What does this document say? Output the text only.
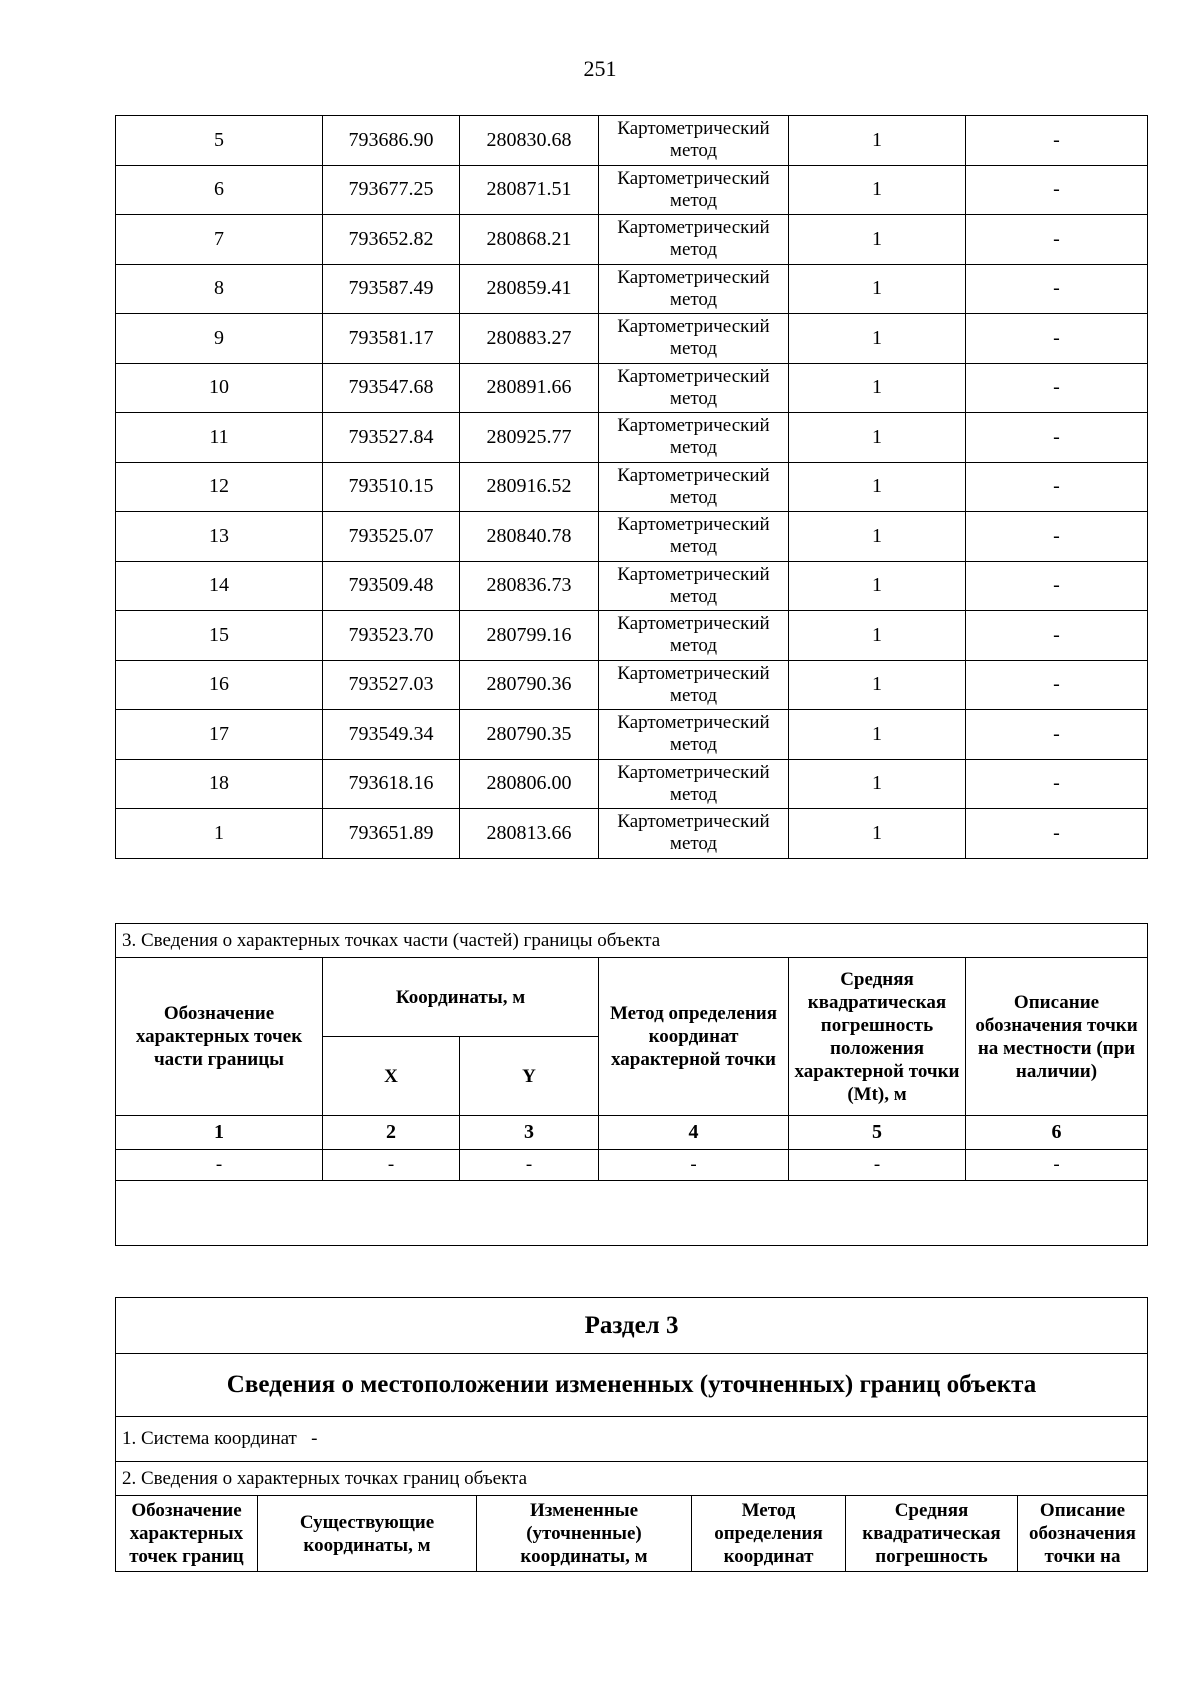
251
5	793686.90	280830.68	Картометрический метод	1	-
6	793677.25	280871.51	Картометрический метод	1	-
7	793652.82	280868.21	Картометрический метод	1	-
8	793587.49	280859.41	Картометрический метод	1	-
9	793581.17	280883.27	Картометрический метод	1	-
10	793547.68	280891.66	Картометрический метод	1	-
11	793527.84	280925.77	Картометрический метод	1	-
12	793510.15	280916.52	Картометрический метод	1	-
13	793525.07	280840.78	Картометрический метод	1	-
14	793509.48	280836.73	Картометрический метод	1	-
15	793523.70	280799.16	Картометрический метод	1	-
16	793527.03	280790.36	Картометрический метод	1	-
17	793549.34	280790.35	Картометрический метод	1	-
18	793618.16	280806.00	Картометрический метод	1	-
1	793651.89	280813.66	Картометрический метод	1	-
3. Сведения о характерных точках части (частей) границы объекта					
Обозначение характерных точек части границы	Координаты, м		Метод определения координат характерной точки	Средняя квадратическая погрешность положения характерной точки (Mt), м	Описание обозначения точки на местности (при наличии)
	X	Y			
1	2	3	4	5	6
-	-	-	-	-	-

Раздел 3
Сведения о местоположении измененных (уточненных) границ объекта
1. Система координат   -
2. Сведения о характерных точках границ объекта
Обозначение характерных точек границ	Существующие координаты, м	Измененные (уточненные) координаты, м	Метод определения координат	Средняя квадратическая погрешность	Описание обозначения точки на
